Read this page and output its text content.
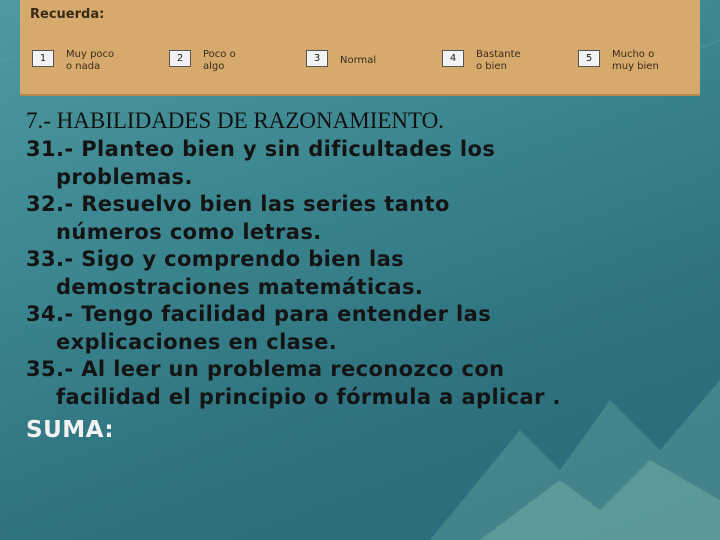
Recuerda:
1	Muy poco
o nada
2	Poco o
algo
3	Normal	4	Bastante
o bien
5	Mucho o
muy bien
7.- HABILIDADES DE RAZONAMIENTO.
31.- Planteo bien y sin dificultades los
problemas.
32.- Resuelvo bien las series tanto
números como letras.
33.- Sigo y comprendo bien las
demostraciones matemáticas.
34.- Tengo facilidad para entender las
explicaciones en clase.
35.- Al leer un problema reconozco con
facilidad el principio o fórmula a aplicar .
SUMA:
